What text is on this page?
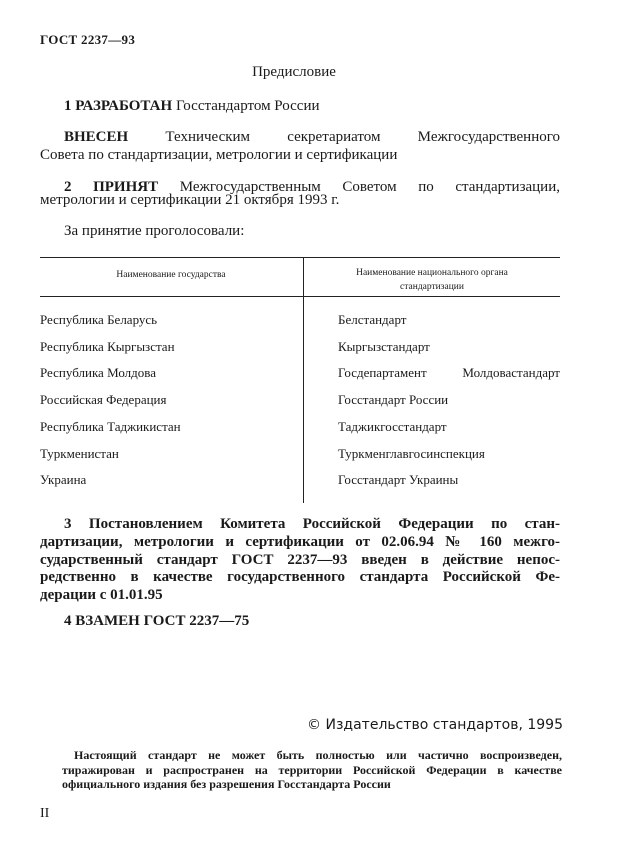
ГОСТ 2237—93
Предисловие
1 РАЗРАБОТАН Госстандартом России
ВНЕСЕН Техническим секретариатом Межгосударственного
Совета по стандартизации, метрологии и сертификации
2 ПРИНЯТ Межгосударственным Советом по стандартизации,
метрологии и сертификации 21 октября 1993 г.
За принятие проголосовали:
Наименование государства	Наименование национального органа
стандартизации
Республика Беларусь	Белстандарт
Республика Кыргызстан	Кыргызстандарт
Республика Молдова	Госдепартамент Молдовастандарт
Российская Федерация	Госстандарт России
Республика Таджикистан	Таджикгосстандарт
Туркменистан	Туркменглавгосинспекция
Украина	Госстандарт Украины
3 Постановлением Комитета Российской Федерации по стан-
дартизации, метрологии и сертификации от 02.06.94 № 160 межго-
сударственный стандарт ГОСТ 2237—93 введен в действие непос-
редственно в качестве государственного стандарта Российской Фе-
дерации с 01.01.95
4 ВЗАМЕН ГОСТ 2237—75
© Издательство стандартов, 1995
Настоящий стандарт не может быть полностью или частично воспроизведен,
тиражирован и распространен на территории Российской Федерации в качестве
официального издания без разрешения Госстандарта России
II
